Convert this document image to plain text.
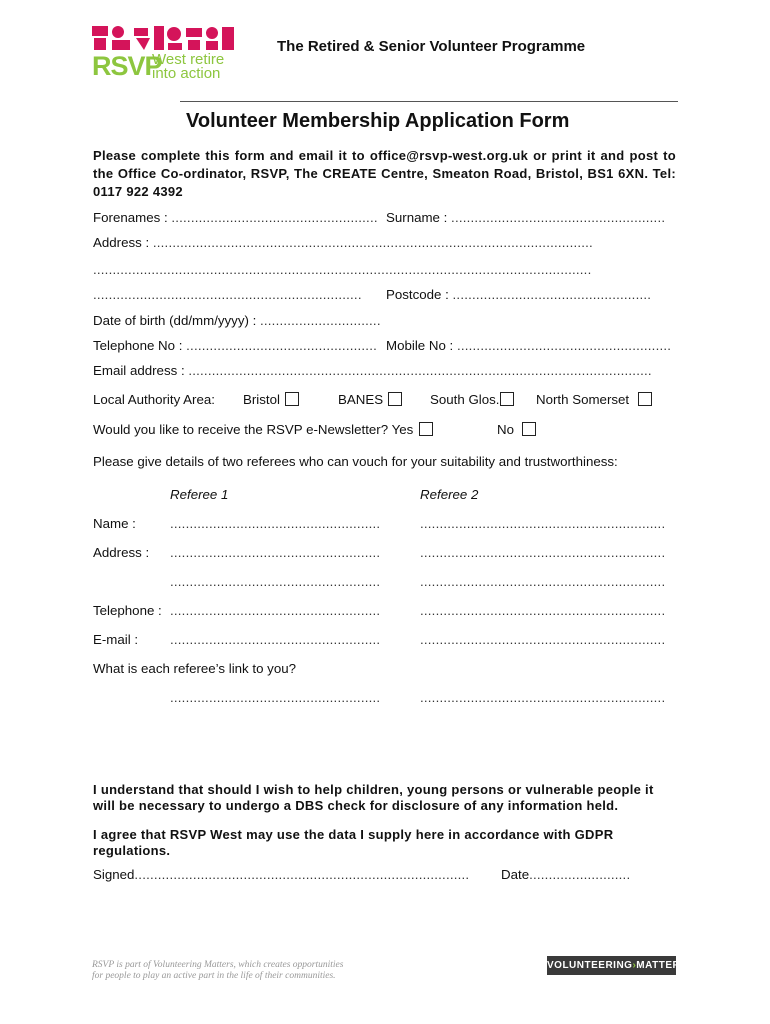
RSVP
West retire
into action
The Retired & Senior Volunteer Programme
Volunteer Membership Application Form
Please complete this form and email it to office@rsvp-west.org.uk or print it and post to the Office Co-ordinator, RSVP, The CREATE Centre, Smeaton Road, Bristol, BS1 6XN. Tel: 0117 922 4392
Forenames : ..................................................... Surname : .......................................................
Address : .................................................................................................................
................................................................................................................................
..................................................................... Postcode : ...................................................
Date of birth (dd/mm/yyyy) : ...............................
Telephone No : ................................................. Mobile No : .......................................................
Email address : .......................................................................................................................
Local Authority Area: Bristol	BANES	South Glos.	North Somerset
Would you like to receive the RSVP e-Newsletter? Yes	No
Please give details of two referees who can vouch for your suitability and trustworthiness:
Referee 1	Referee 2
Name :	......................................................	...............................................................
Address : ......................................................	...............................................................
......................................................	...............................................................
Telephone : ......................................................	...............................................................
E-mail : ......................................................	...............................................................
What is each referee’s link to you?
......................................................	...............................................................
I understand that should I wish to help children, young persons or vulnerable people it will be necessary to undergo a DBS check for disclosure of any information held.
I agree that RSVP West may use the data I supply here in accordance with GDPR regulations.
Signed...................................................................................... Date..........................
RSVP is part of Volunteering Matters, which creates opportunities
for people to play an active part in the life of their communities.
VOLUNTEERING›MATTERS
